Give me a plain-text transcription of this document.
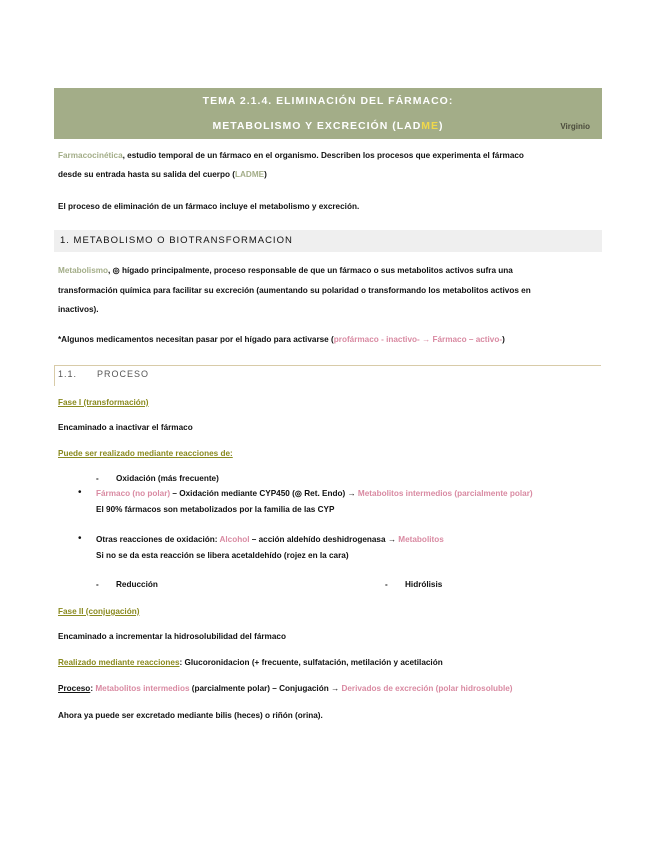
TEMA 2.1.4. ELIMINACIÓN DEL FÁRMACO:
METABOLISMO Y EXCRECIÓN (LADME)	Virginio
Farmacocinética, estudio temporal de un fármaco en el organismo. Describen los procesos que experimenta el fármaco
desde su entrada hasta su salida del cuerpo (LADME)
El proceso de eliminación de un fármaco incluye el metabolismo y excreción.
1. METABOLISMO O BIOTRANSFORMACION
Metabolismo, ◎ hígado principalmente, proceso responsable de que un fármaco o sus metabolitos activos sufra una
transformación química para facilitar su excreción (aumentando su polaridad o transformando los metabolitos activos en
inactivos).
*Algunos medicamentos necesitan pasar por el hígado para activarse (profármaco - inactivo- → Fármaco – activo-)
1.1. PROCESO
Fase I (transformación)
Encaminado a inactivar el fármaco
Puede ser realizado mediante reacciones de:
- Oxidación (más frecuente)
• Fármaco (no polar) – Oxidación mediante CYP450 (◎ Ret. Endo) → Metabolitos intermedios (parcialmente polar)
El 90% fármacos son metabolizados por la familia de las CYP
• Otras reacciones de oxidación: Alcohol – acción aldehído deshidrogenasa → Metabolitos
Si no se da esta reacción se libera acetaldehído (rojez en la cara)
- Reducción	- Hidrólisis
Fase II (conjugación)
Encaminado a incrementar la hidrosolubilidad del fármaco
Realizado mediante reacciones: Glucoronidacion (+ frecuente, sulfatación, metilación y acetilación
Proceso: Metabolitos intermedios (parcialmente polar) – Conjugación → Derivados de excreción (polar hidrosoluble)
Ahora ya puede ser excretado mediante bilis (heces) o riñón (orina).
